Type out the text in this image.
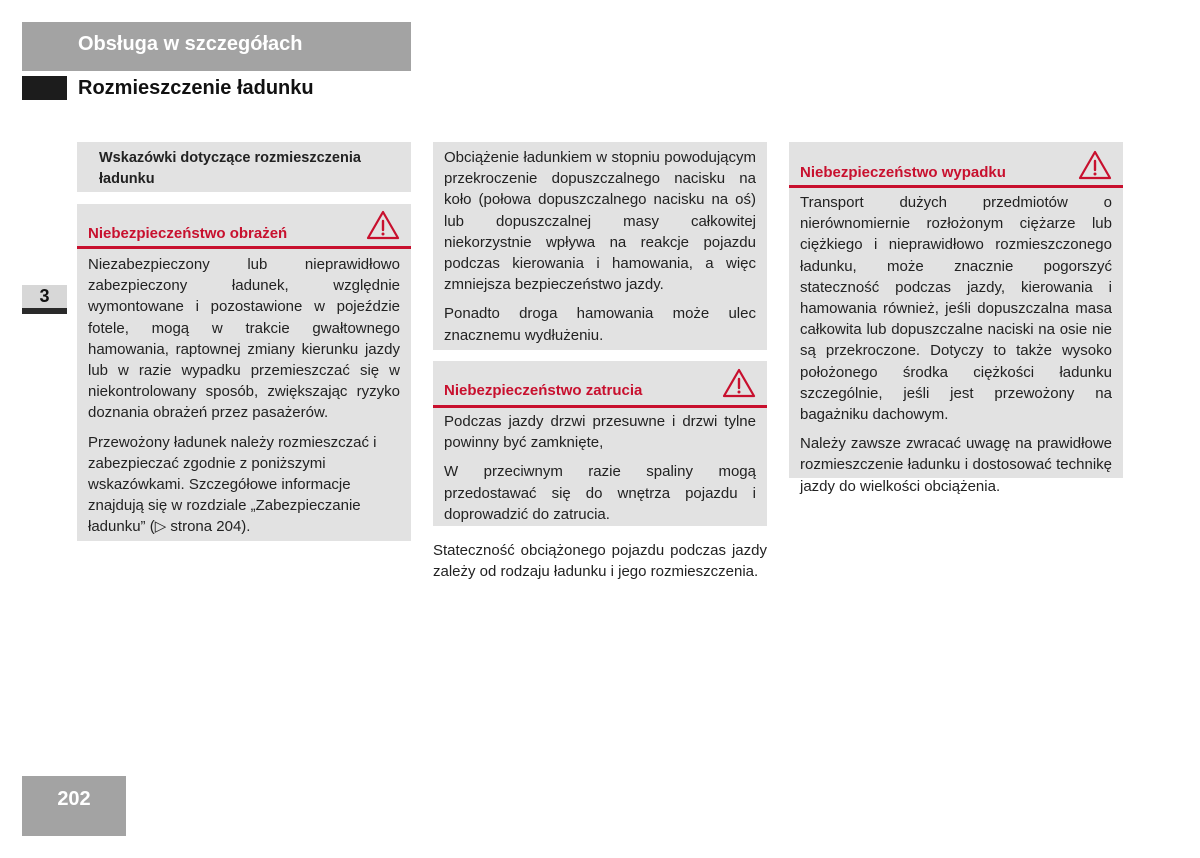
Obsługa w szczegółach
Rozmieszczenie ładunku
3
Wskazówki dotyczące rozmieszczenia ładunku
Niebezpieczeństwo obrażeń

Niezabezpieczony lub nieprawidłowo zabezpieczony ładunek, względnie wymontowane i pozostawione w pojeździe fotele, mogą w trakcie gwałtownego hamowania, raptownej zmiany kierunku jazdy lub w razie wypadku przemieszczać się w niekontrolowany sposób, zwiększając ryzyko doznania obrażeń przez pasażerów.

Przewożony ładunek należy rozmieszczać i zabezpieczać zgodnie z poniższymi wskazówkami. Szczegółowe informacje znajdują się w rozdziale „Zabezpieczanie ładunku” (▷ strona 204).

Obciążenie ładunkiem w stopniu powodującym przekroczenie dopuszczalnego nacisku na koło (połowa dopuszczalnego nacisku na oś) lub dopuszczalnej masy całkowitej niekorzystnie wpływa na reakcje pojazdu podczas kierowania i hamowania, a więc zmniejsza bezpieczeństwo jazdy.

Ponadto droga hamowania może ulec znacznemu wydłużeniu.

Niebezpieczeństwo zatrucia

Podczas jazdy drzwi przesuwne i drzwi tylne powinny być zamknięte,

W przeciwnym razie spaliny mogą przedostawać się do wnętrza pojazdu i doprowadzić do zatrucia.

Stateczność obciążonego pojazdu podczas jazdy zależy od rodzaju ładunku i jego rozmieszczenia.
Niebezpieczeństwo wypadku

Transport dużych przedmiotów o nierównomiernie rozłożonym ciężarze lub ciężkiego i nieprawidłowo rozmieszczonego ładunku, może znacznie pogorszyć stateczność podczas jazdy, kierowania i hamowania również, jeśli dopuszczalna masa całkowita lub dopuszczalne naciski na osie nie są przekroczone. Dotyczy to także wysoko położonego środka ciężkości ładunku szczególnie, jeśli jest przewożony na bagażniku dachowym.

Należy zawsze zwracać uwagę na prawidłowe rozmieszczenie ładunku i dostosować technikę jazdy do wielkości obciążenia.

202
